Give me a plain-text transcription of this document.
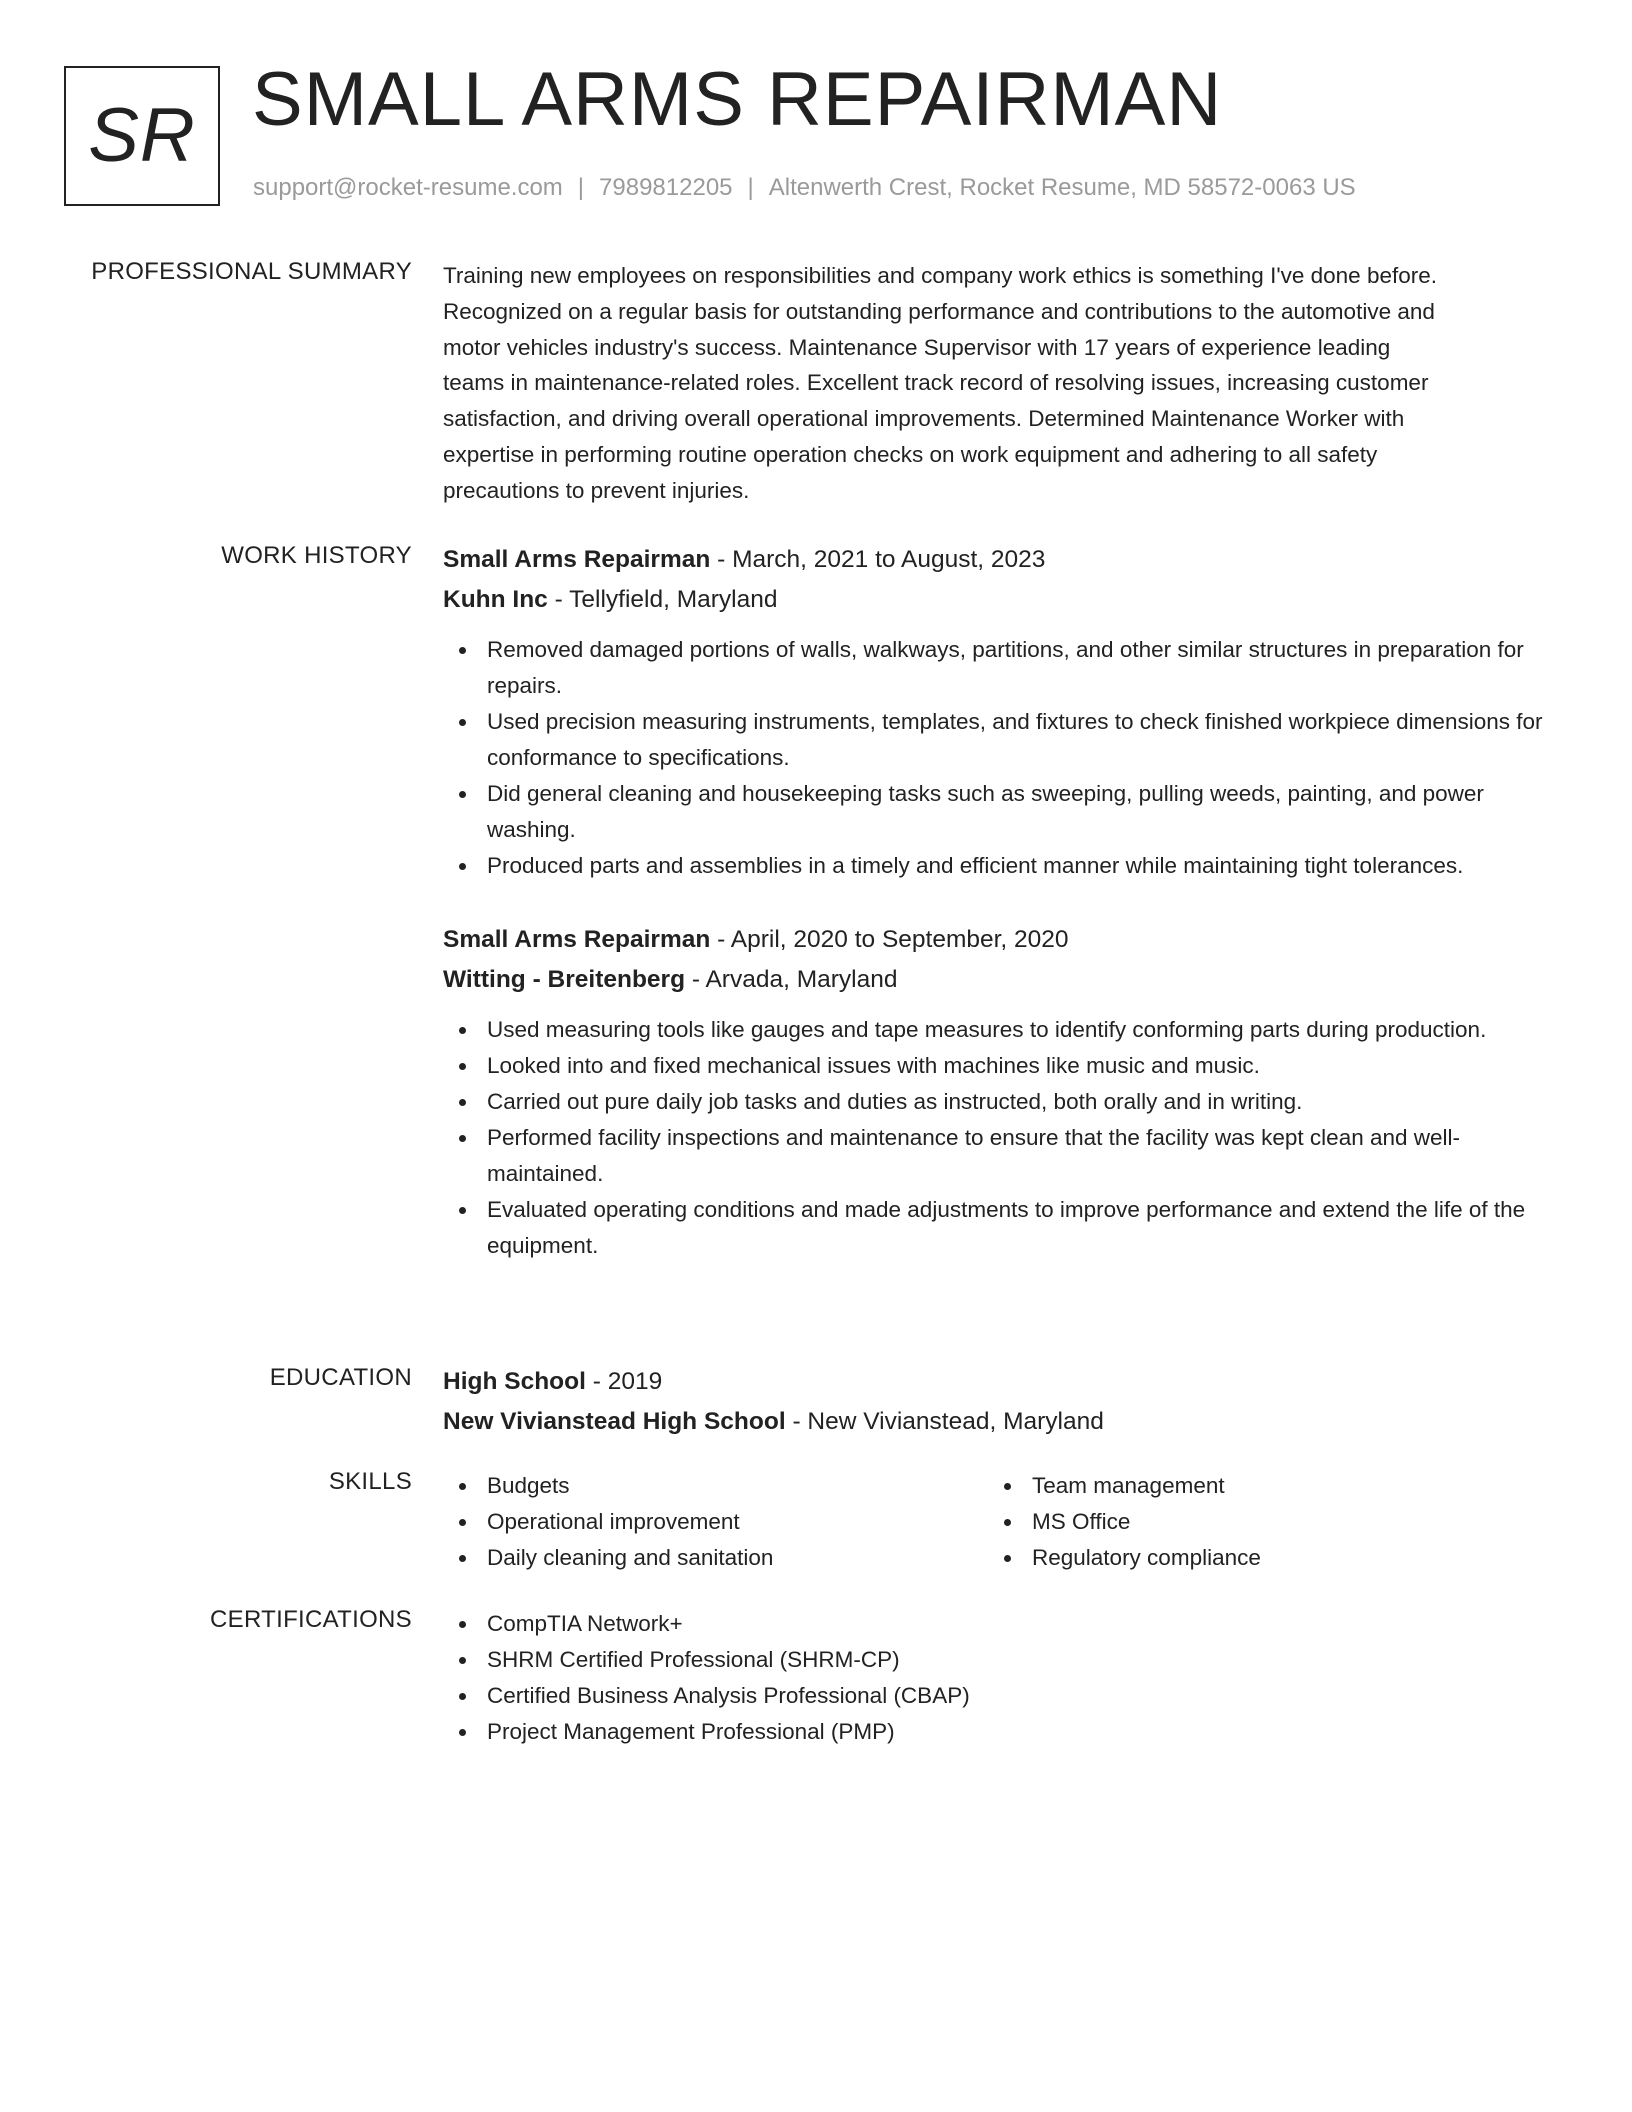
SR SMALL ARMS REPAIRMAN
support@rocket-resume.com | 7989812205 | Altenwerth Crest, Rocket Resume, MD 58572-0063 US
PROFESSIONAL SUMMARY Training new employees on responsibilities and company work ethics is something I've done before.
Recognized on a regular basis for outstanding performance and contributions to the automotive and
motor vehicles industry's success. Maintenance Supervisor with 17 years of experience leading
teams in maintenance-related roles. Excellent track record of resolving issues, increasing customer
satisfaction, and driving overall operational improvements. Determined Maintenance Worker with
expertise in performing routine operation checks on work equipment and adhering to all safety
precautions to prevent injuries.
WORK HISTORY Small Arms Repairman - March, 2021 to August, 2023
Kuhn Inc - Tellyfield, Maryland
Removed damaged portions of walls, walkways, partitions, and other similar structures in preparation for repairs.
Used precision measuring instruments, templates, and fixtures to check finished workpiece dimensions for conformance to specifications.
Did general cleaning and housekeeping tasks such as sweeping, pulling weeds, painting, and power washing.
Produced parts and assemblies in a timely and efficient manner while maintaining tight tolerances.
Small Arms Repairman - April, 2020 to September, 2020
Witting - Breitenberg - Arvada, Maryland
Used measuring tools like gauges and tape measures to identify conforming parts during production.
Looked into and fixed mechanical issues with machines like music and music.
Carried out pure daily job tasks and duties as instructed, both orally and in writing.
Performed facility inspections and maintenance to ensure that the facility was kept clean and well-maintained.
Evaluated operating conditions and made adjustments to improve performance and extend the life of the equipment.
EDUCATION High School - 2019
New Vivianstead High School - New Vivianstead, Maryland
SKILLS	Budgets
Operational improvement
Daily cleaning and sanitation
Team management
MS Office
Regulatory compliance
CERTIFICATIONS	CompTIA Network+
SHRM Certified Professional (SHRM-CP)
Certified Business Analysis Professional (CBAP)
Project Management Professional (PMP)
